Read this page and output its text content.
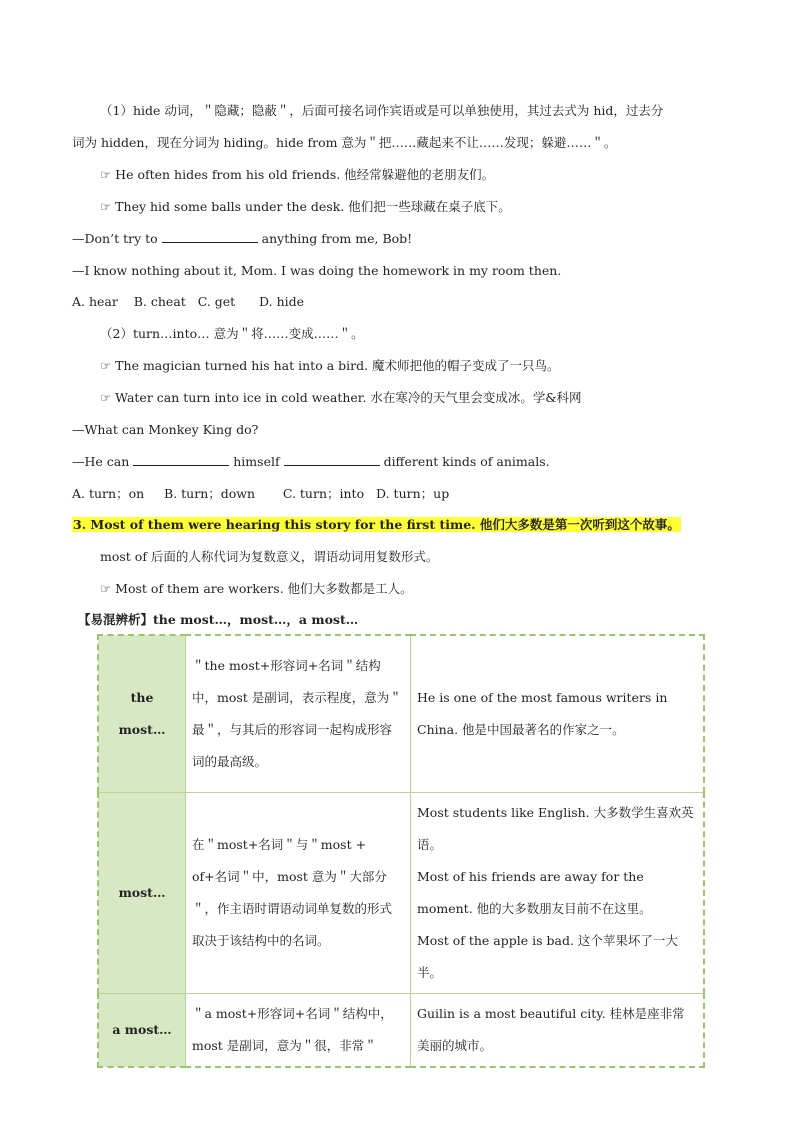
（1）hide 动词，＂隐藏；隐蔽＂，后面可接名词作宾语或是可以单独使用，其过去式为 hid，过去分
词为 hidden，现在分词为 hiding。hide from 意为＂把……藏起来不让……发现；躲避……＂。
☞ He often hides from his old friends. 他经常躲避他的老朋友们。
☞ They hid some balls under the desk. 他们把一些球藏在桌子底下。
—Don’t try to	anything from me, Bob!
—I know nothing about it, Mom. I was doing the homework in my room then.
A. hear    B. cheat   C. get      D. hide
（2）turn…into… 意为＂将……变成……＂。
☞ The magician turned his hat into a bird. 魔术师把他的帽子变成了一只鸟。
☞ Water can turn into ice in cold weather. 水在寒冷的天气里会变成冰。学&科网
—What can Monkey King do?
—He can	himself	different kinds of animals.
A. turn；on     B. turn；down       C. turn；into   D. turn；up
3. Most of them were hearing this story for the first time. 他们大多数是第一次听到这个故事。
most of 后面的人称代词为复数意义，谓语动词用复数形式。
☞ Most of them are workers. 他们大多数都是工人。
【易混辨析】the most…，most…，a most…
the most…	＂the most+形容词+名词＂结构中，most 是副词，表示程度，意为＂最＂，与其后的形容词一起构成形容词的最高级。	He is one of the most famous writers in China. 他是中国最著名的作家之一。

most…	在＂most+名词＂与＂most + of+名词＂中，most 意为＂大部分＂，作主语时谓语动词单复数的形式取决于该结构中的名词。	Most students like English. 大多数学生喜欢英语。
Most of his friends are away for the moment. 他的大多数朋友目前不在这里。
Most of the apple is bad. 这个苹果坏了一大半。

a most…	＂a most+形容词+名词＂结构中，most 是副词，意为＂很，非常＂	Guilin is a most beautiful city. 桂林是座非常美丽的城市。
